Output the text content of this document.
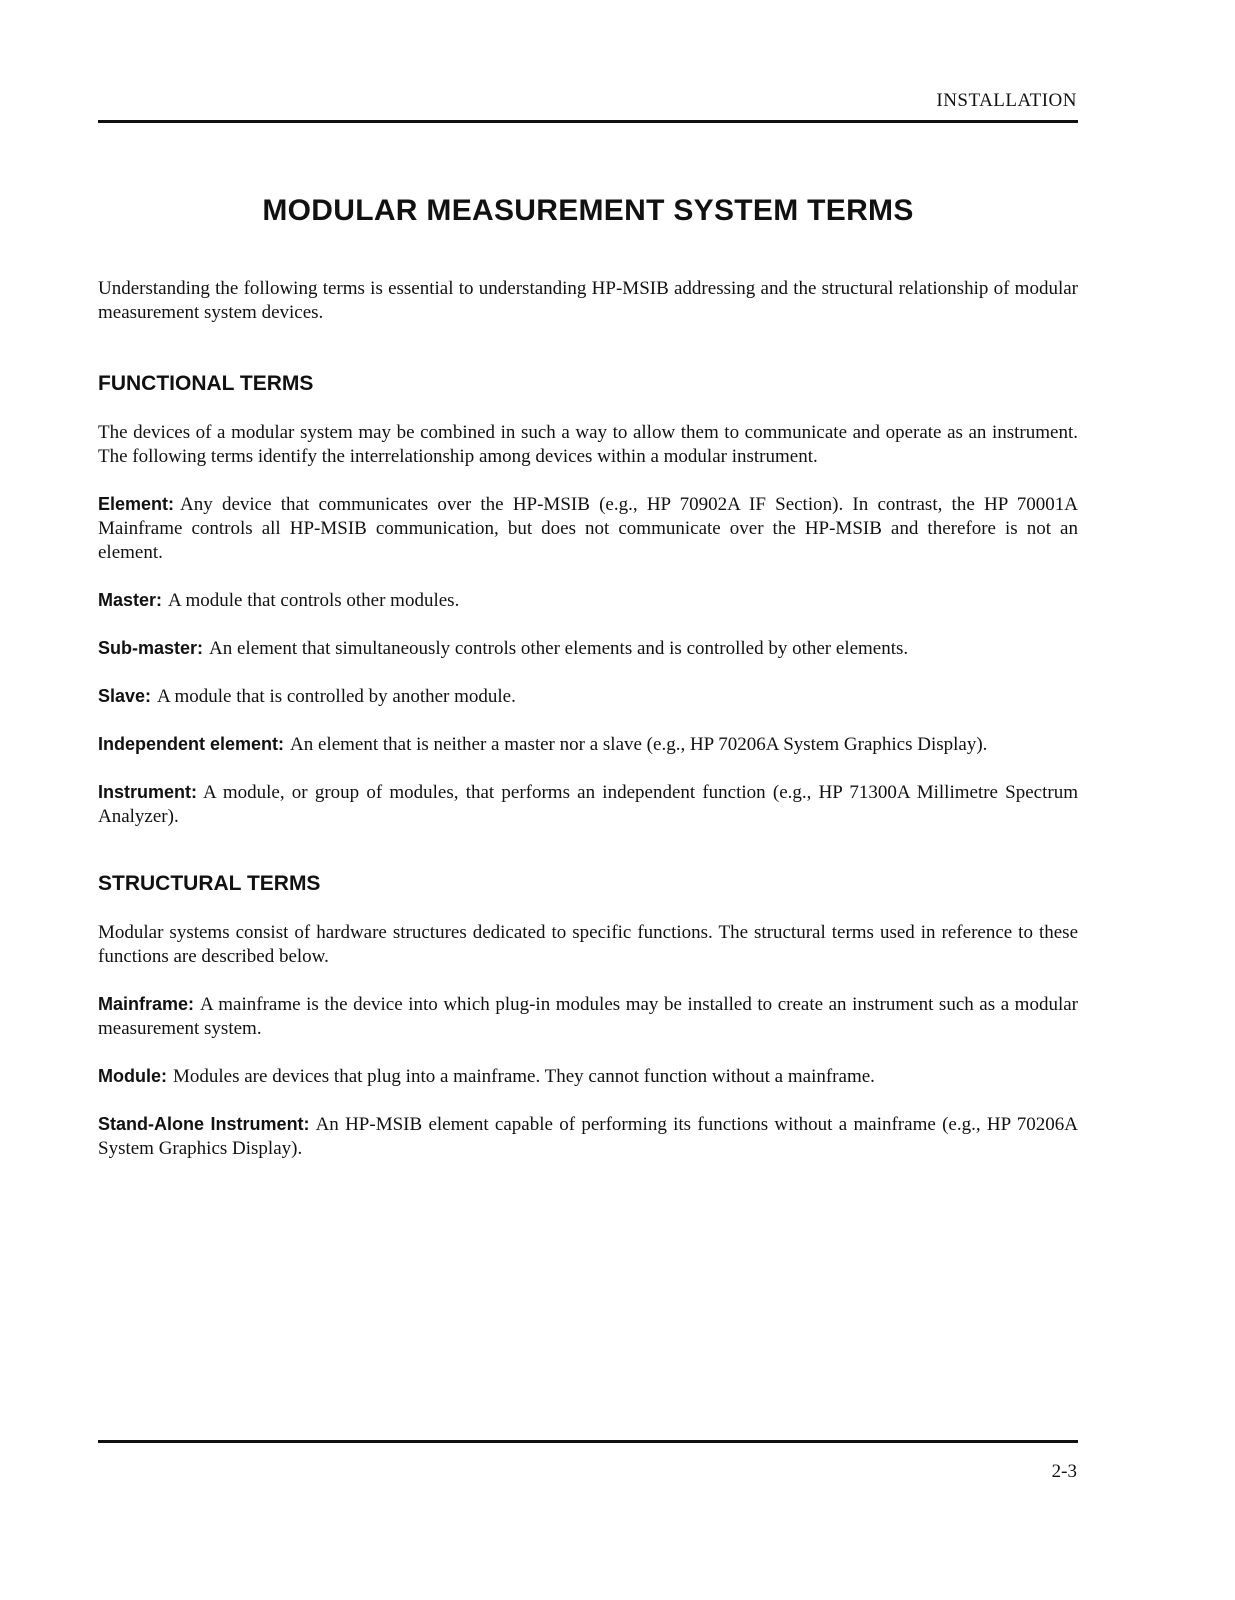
INSTALLATION
MODULAR MEASUREMENT SYSTEM TERMS

Understanding the following terms is essential to understanding HP-MSIB addressing and the structural relationship of modular measurement system devices.

FUNCTIONAL TERMS

The devices of a modular system may be combined in such a way to allow them to communicate and operate as an instrument. The following terms identify the interrelationship among devices within a modular instrument.

Element: Any device that communicates over the HP-MSIB (e.g., HP 70902A IF Section). In contrast, the HP 70001A Mainframe controls all HP-MSIB communication, but does not communicate over the HP-MSIB and therefore is not an element.

Master: A module that controls other modules.

Sub-master: An element that simultaneously controls other elements and is controlled by other elements.

Slave: A module that is controlled by another module.

Independent element: An element that is neither a master nor a slave (e.g., HP 70206A System Graphics Display).

Instrument: A module, or group of modules, that performs an independent function (e.g., HP 71300A Millimetre Spectrum Analyzer).

STRUCTURAL TERMS

Modular systems consist of hardware structures dedicated to specific functions. The structural terms used in reference to these functions are described below.

Mainframe: A mainframe is the device into which plug-in modules may be installed to create an instrument such as a modular measurement system.

Module: Modules are devices that plug into a mainframe. They cannot function without a mainframe.

Stand-Alone Instrument: An HP-MSIB element capable of performing its functions without a mainframe (e.g., HP 70206A System Graphics Display).

2-3
